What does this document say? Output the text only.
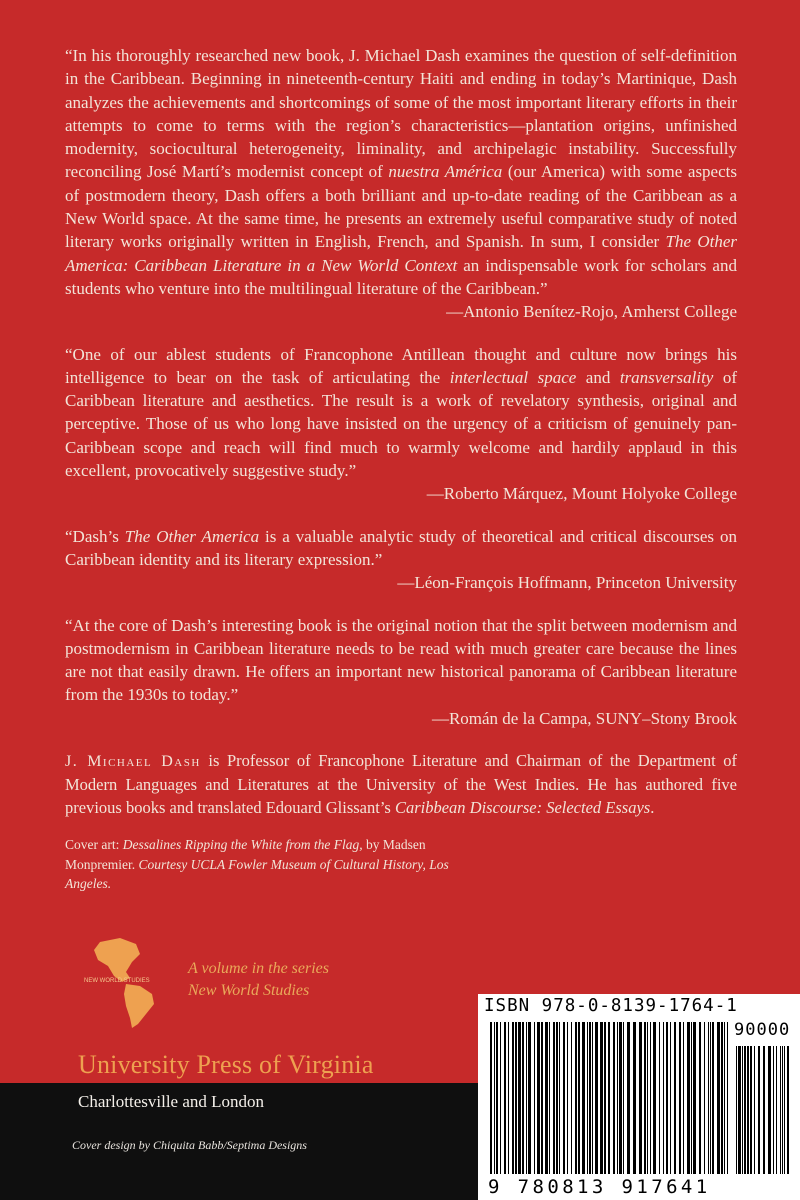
“In his thoroughly researched new book, J. Michael Dash examines the question of self-definition in the Caribbean. Beginning in nineteenth-century Haiti and ending in today’s Martinique, Dash analyzes the achievements and shortcomings of some of the most important literary efforts in their attempts to come to terms with the region’s characteristics—plantation origins, unfinished modernity, sociocultural heterogeneity, liminality, and archipelagic instability. Successfully reconciling José Martí’s modernist concept of nuestra América (our America) with some aspects of postmodern theory, Dash offers a both brilliant and up-to-date reading of the Caribbean as a New World space. At the same time, he presents an extremely useful comparative study of noted literary works originally written in English, French, and Spanish. In sum, I consider The Other America: Caribbean Literature in a New World Context an indispensable work for scholars and students who venture into the multilingual literature of the Caribbean.”

—Antonio Benítez-Rojo, Amherst College

“One of our ablest students of Francophone Antillean thought and culture now brings his intelligence to bear on the task of articulating the interlectual space and transversality of Caribbean literature and aesthetics. The result is a work of revelatory synthesis, original and perceptive. Those of us who long have insisted on the urgency of a criticism of genuinely pan-Caribbean scope and reach will find much to warmly welcome and hardily applaud in this excellent, provocatively suggestive study.”

—Roberto Márquez, Mount Holyoke College

“Dash’s The Other America is a valuable analytic study of theoretical and critical discourses on Caribbean identity and its literary expression.”

—Léon-François Hoffmann, Princeton University

“At the core of Dash’s interesting book is the original notion that the split between modernism and postmodernism in Caribbean literature needs to be read with much greater care because the lines are not that easily drawn. He offers an important new historical panorama of Caribbean literature from the 1930s to today.”

—Román de la Campa, SUNY–Stony Brook
J. Michael Dash is Professor of Francophone Literature and Chairman of the Department of Modern Languages and Literatures at the University of the West Indies. He has authored five previous books and translated Edouard Glissant’s Caribbean Discourse: Selected Essays.
Cover art: Dessalines Ripping the White from the Flag, by Madsen Monpremier. Courtesy UCLA Fowler Museum of Cultural History, Los Angeles.
NEW WORLD STUDIES
A volume in the series
New World Studies
University Press of Virginia
Charlottesville and London
Cover design by Chiquita Babb/Septima Designs
ISBN 978-0-8139-1764-1
90000
9 780813 917641
